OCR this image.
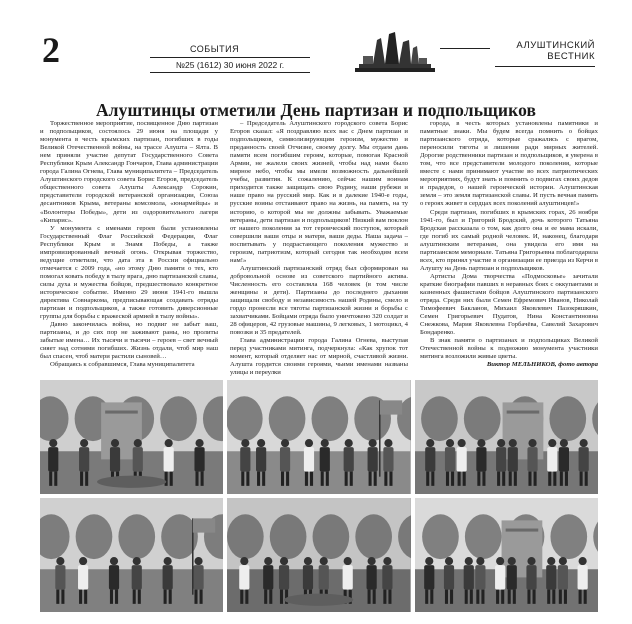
2	СОБЫТИЯ
№25 (1612) 30 июня 2022 г.
АЛУШТИНСКИЙ
ВЕСТНИК
Алуштинцы отметили День партизан и подпольщиков

Торжественное мероприятие, посвященное Дню партизан и подпольщиков, состоялось 29 июня на площади у монумента в честь крымских партизан, погибших в годы Великой Отечественной войны, на трассе Алушта – Ялта. В нем приняли участие депутат Государственного Совета Республики Крым Александр Гончаров, Глава администрации города Галина Огнева, Глава муниципалитета – Председатель Алуштинского городского совета Борис Егоров, председатель общественного совета Алушты Александр Сорокин, представители городской ветеранской организации, Союза десантников Крыма, ветераны комсомола, «юнармейцы» и «Волонтеры Победы», дети из оздоровительного лагеря «Кипарис».

У монумента с именами героев были установлены Государственный Флаг Российской Федерации, Флаг Республики Крым и Знамя Победы, а также импровизированный вечный огонь. Открывая торжество, ведущие отметили, что дата эта в России официально отмечается с 2009 года, «но этому Дню памяти о тех, кто помогал ковать победу в тылу врага, дню партизанской славы, силы духа и мужества бойцов, предшествовало конкретное историческое событие. Именно 29 июня 1941-го вышла директива Совнаркома, предписывающая создавать отряды партизан и подпольщиков, а также готовить диверсионные группы для борьбы с вражеской армией в тылу войны».

Давно закончилась война, но подвиг не забыт ваш, партизаны, и до сих пор не заживают раны, но пролиты забытые имена… Их тысячи и тысячи – героев – свет вечный сияет над сотнями погибших. Жизнь отдали, чтоб мир наш был спасен, чтоб матери растили сыновей…

Обращаясь к собравшимся, Глава муниципалитета

– Председатель Алуштинского городского совета Борис Егоров сказал: «Я поздравляю всех вас с Днем партизан и подпольщиков, символизирующим героизм, мужество и преданность своей Отчизне, своему долгу. Мы отдаем дань памяти всем погибшим героям, которые, помогая Красной Армии, не жалели своих жизней, чтобы над нами было мирное небо, чтобы мы имели возможность дальнейшей учебы, развития. К сожалению, сейчас нашим воинам приходится также защищать свою Родину, наши рубежи и наше право на русский мир. Как и в далекие 1940-е годы, русские воины отстаивают право на жизнь, на память, на ту историю, о которой мы не должны забывать. Уважаемые ветераны, дети партизан и подпольщиков! Низкий вам поклон от нашего поколения за тот героический поступок, который совершили ваши отцы и матери, ваши деды. Наша задача – воспитывать у подрастающего поколения мужество и героизм, патриотизм, который сегодня так необходим всем нам!»

Алуштинский партизанский отряд был сформирован на добровольной основе из советского партийного актива. Численность его составляла 168 человек (в том числе женщины и дети). Партизаны до последнего дыхания защищали свободу и независимость нашей Родины, смело и гордо пронесли все тяготы партизанской жизни и борьбы с захватчиками. Бойцами отряда было уничтожено 320 солдат и 28 офицеров, 42 грузовые машины, 9 легковых, 1 мотоцикл, 4 повозки и 35 предателей.

Глава администрации города Галина Огнева, выступая перед участниками митинга, подчеркнула: «Как хрупок тот момент, который отделяет нас от мирной, счастливой жизни. Алушта гордится своими героями, чьими именами названы улицы и переулки

города, в честь которых установлены памятники и памятные знаки. Мы будем всегда помнить о бойцах партизанского отряда, которые сражались с врагом, переносили тяготы и лишения ради мирных жителей. Дорогие родственники партизан и подпольщиков, я уверена в том, что все представители молодого поколения, которые вместе с нами принимают участие во всех патриотических мероприятиях, будут знать и помнить о подвигах своих дедов и прадедов, о нашей героической истории. Алуштинская земля – это земля партизанской славы. И пусть вечная память о героях живет в сердцах всех поколений алуштинцев!»

Среди партизан, погибших в крымских горах, 26 ноября 1941-го, был и Григорий Бродский, дочь которого Татьяна Бродская рассказала о том, как долго она и ее мама искали, где погиб их самый родной человек. И, наконец, благодаря алуштинским ветеранам, она увидела его имя на партизанском мемориале. Татьяна Григорьевна поблагодарила всех, кто принял участие в организации ее приезда из Керчи в Алушту на День партизан и подпольщиков.

Артисты Дома творчества «Подмосковье» зачитали краткие биографии павших в неравных боях с оккупантами и казненных фашистами бойцов Алуштинского партизанского отряда. Среди них были Семен Ефремович Иванов, Николай Тимофеевич Бакланов, Михаил Яковлевич Пазокряшкин, Семен Григорьевич Пудатов, Нина Константиновна Снежкова, Мария Яковлевна Горбачёва, Савелий Захарович Бондаренко.

В знак памяти о партизанах и подпольщиках Великой Отечественной войны к подножию монумента участники митинга возложили живые цветы.

Виктор МЕЛЬНИКОВ, фото автора
